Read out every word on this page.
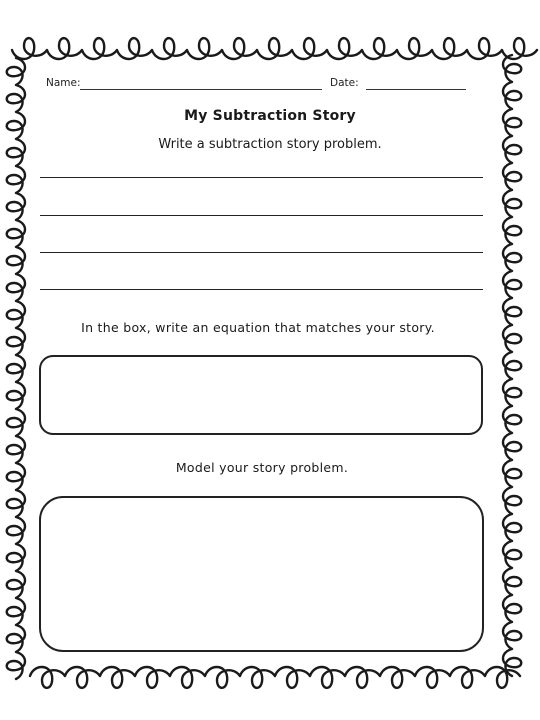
Name:	Date:
My Subtraction Story
Write a subtraction story problem.
In the box, write an equation that matches your story.
Model your story problem.
